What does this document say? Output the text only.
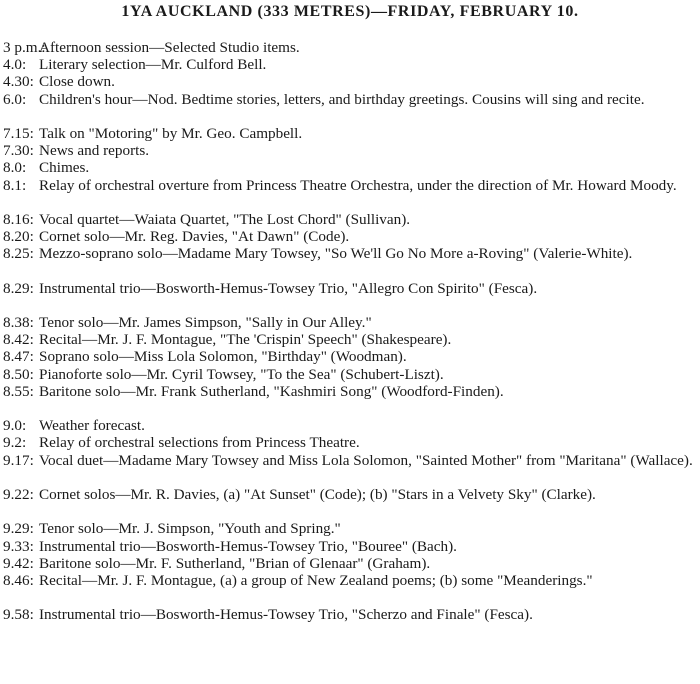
1YA AUCKLAND (333 METRES)—FRIDAY, FEBRUARY 10.
3 p.m.:
Afternoon session—Selected Studio items.
4.0: Literary selection—Mr. Culford Bell.
4.30: Close down.
6.0: Children's hour—Nod. Bedtime stories, letters, and birthday greetings. Cousins will sing and recite.
7.15: Talk on "Motoring" by Mr. Geo. Campbell.
7.30: News and reports.
8.0: Chimes.
8.1: Relay of orchestral overture from Princess Theatre Orchestra, under the direction of Mr. Howard Moody.
8.16: Vocal quartet—Waiata Quartet, "The Lost Chord" (Sullivan).
8.20: Cornet solo—Mr. Reg. Davies, "At Dawn" (Code).
8.25: Mezzo-soprano solo—Madame Mary Towsey, "So We'll Go No More a-Roving" (Valerie-White).
8.29: Instrumental trio—Bosworth-Hemus-Towsey Trio, "Allegro Con Spirito" (Fesca).
8.38: Tenor solo—Mr. James Simpson, "Sally in Our Alley."
8.42: Recital—Mr. J. F. Montague, "The 'Crispin' Speech" (Shakespeare).
8.47: Soprano solo—Miss Lola Solomon, "Birthday" (Woodman).
8.50: Pianoforte solo—Mr. Cyril Towsey, "To the Sea" (Schubert-Liszt).
8.55: Baritone solo—Mr. Frank Sutherland, "Kashmiri Song" (Woodford-Finden).
9.0: Weather forecast.
9.2: Relay of orchestral selections from Princess Theatre.
9.17: Vocal duet—Madame Mary Towsey and Miss Lola Solomon, "Sainted Mother" from "Maritana" (Wallace).
9.22: Cornet solos—Mr. R. Davies, (a) "At Sunset" (Code); (b) "Stars in a Velvety Sky" (Clarke).
9.29: Tenor solo—Mr. J. Simpson, "Youth and Spring."
9.33: Instrumental trio—Bosworth-Hemus-Towsey Trio, "Bouree" (Bach).
9.42: Baritone solo—Mr. F. Sutherland, "Brian of Glenaar" (Graham).
8.46: Recital—Mr. J. F. Montague, (a) a group of New Zealand poems; (b) some "Meanderings."
9.58: Instrumental trio—Bosworth-Hemus-Towsey Trio, "Scherzo and Finale" (Fesca).
